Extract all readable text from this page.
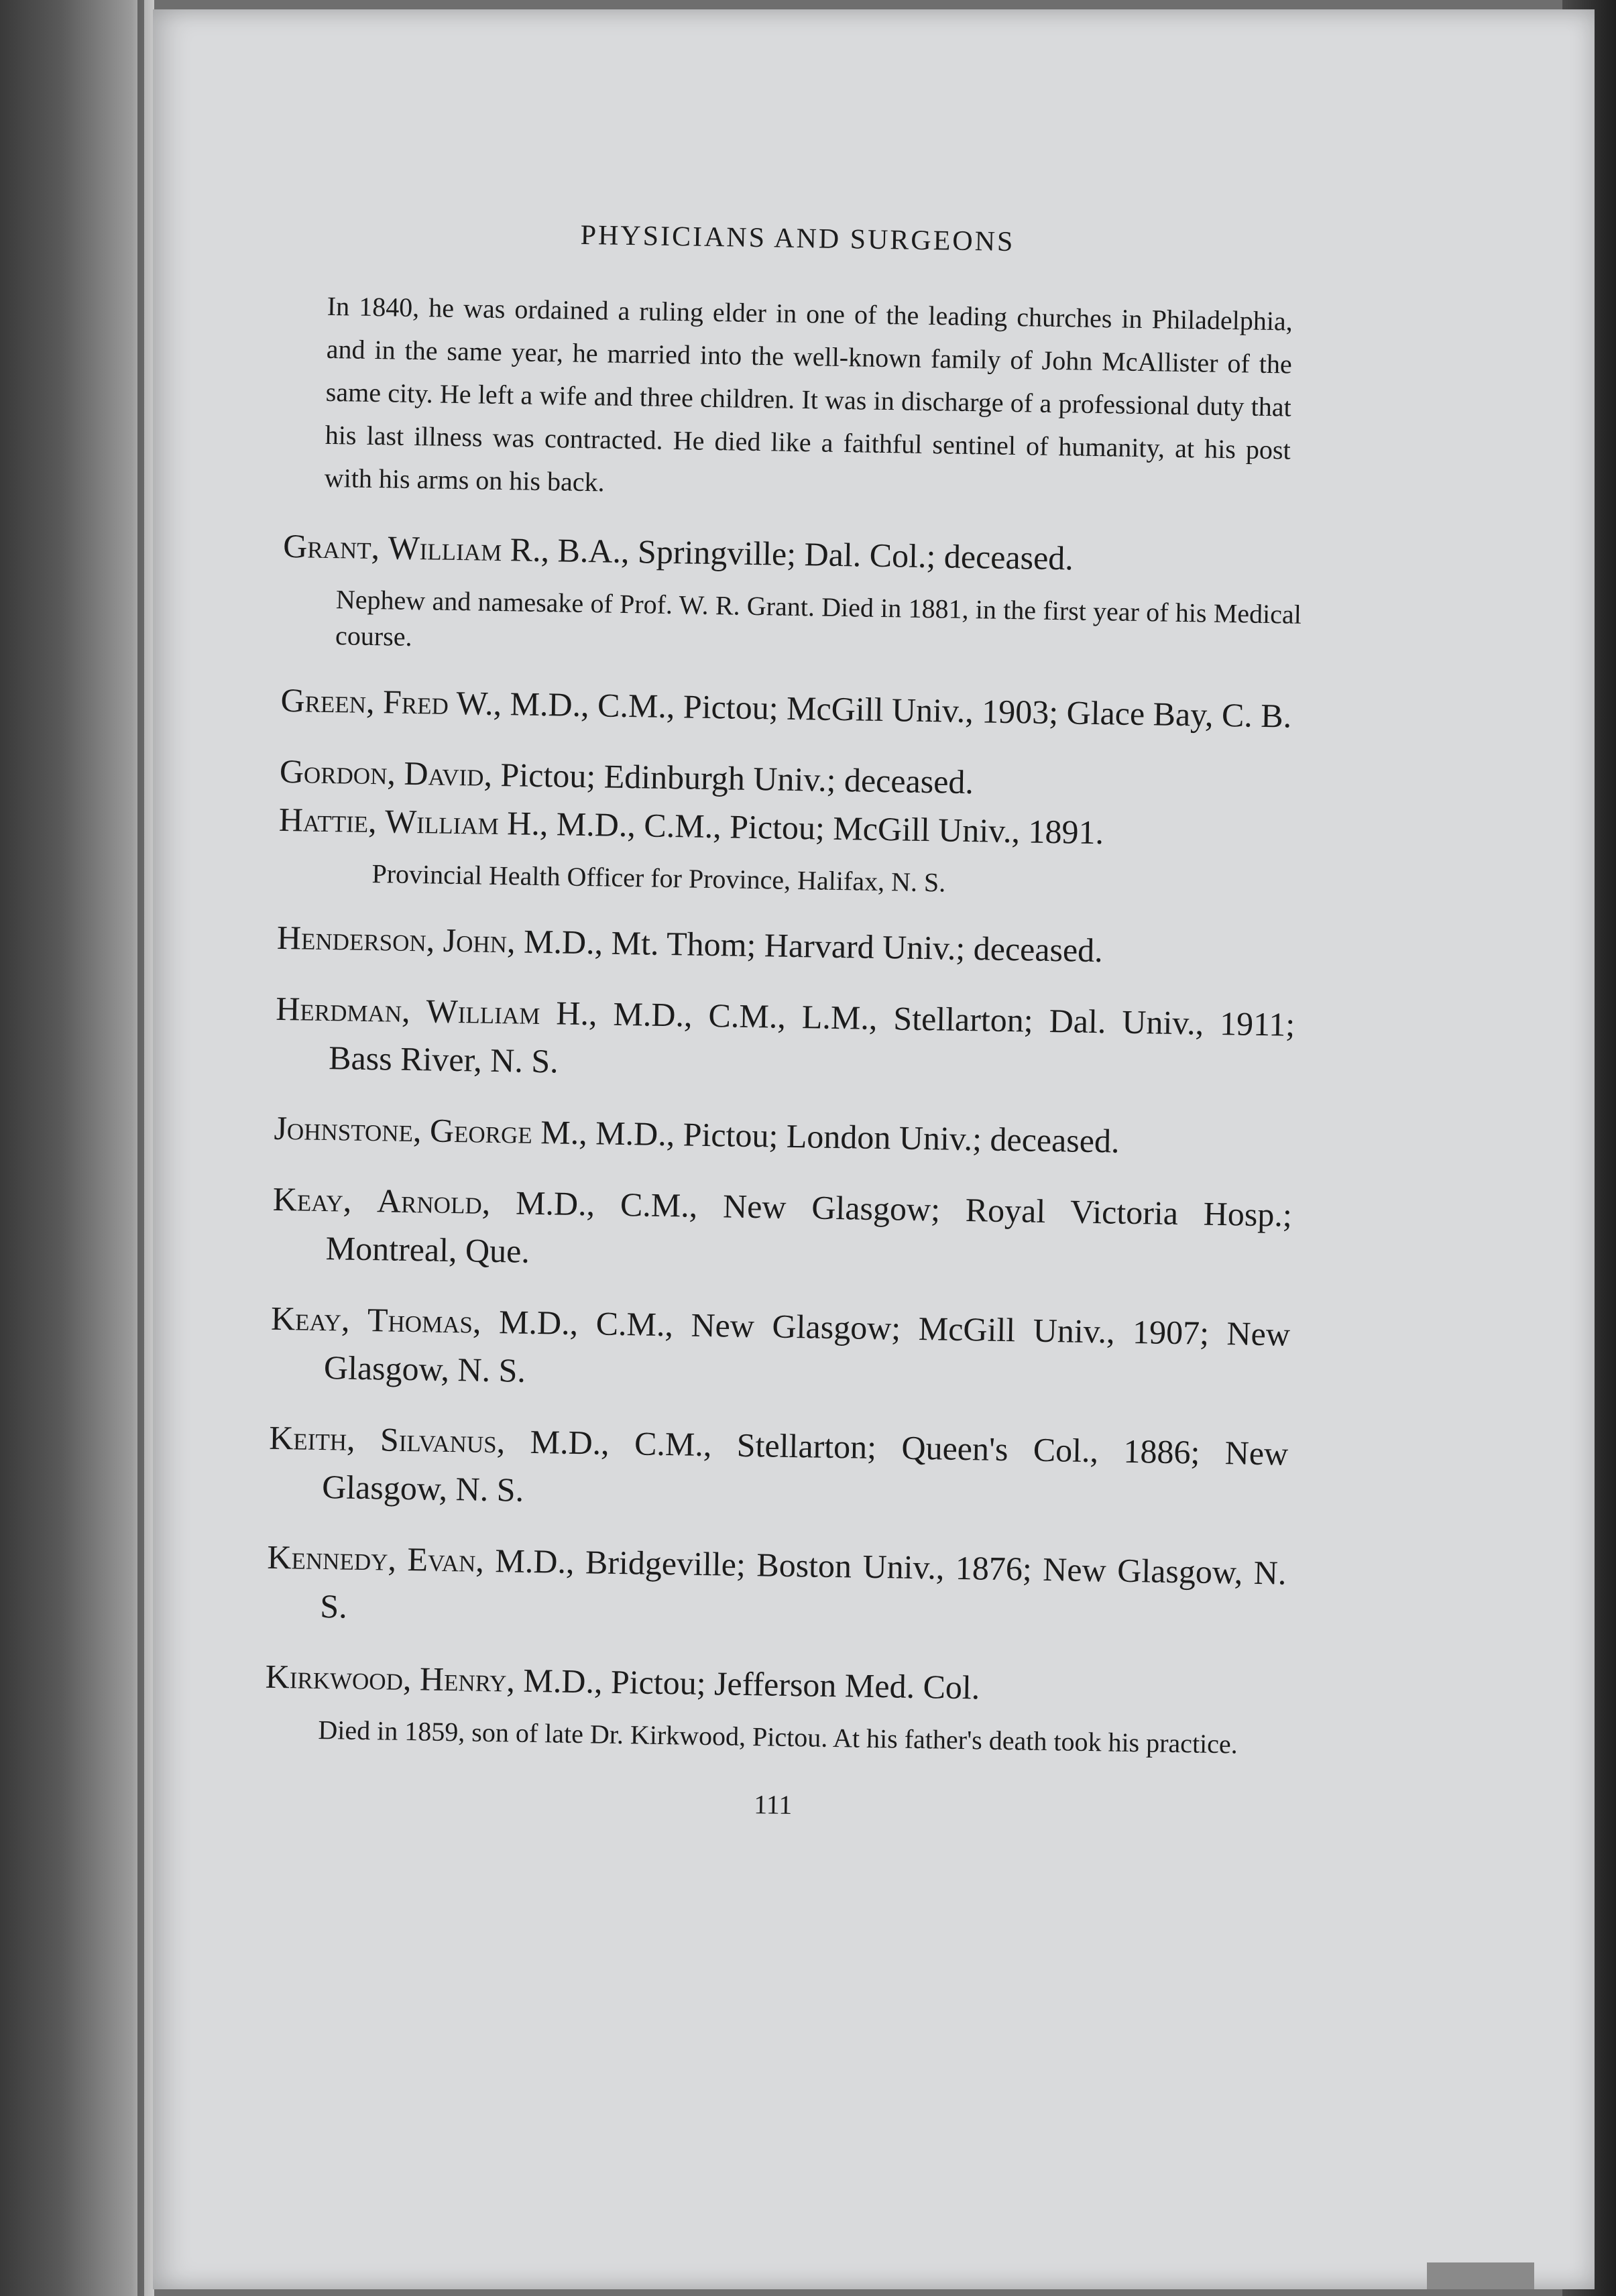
PHYSICIANS AND SURGEONS

In 1840, he was ordained a ruling elder in one of the leading churches in Philadelphia, and in the same year, he married into the well-known family of John McAllister of the same city. He left a wife and three children. It was in discharge of a professional duty that his last illness was contracted. He died like a faithful sentinel of humanity, at his post with his arms on his back.

Grant, William R., B.A., Springville; Dal. Col.; deceased.

Nephew and namesake of Prof. W. R. Grant. Died in 1881, in the first year of his Medical course.

Green, Fred W., M.D., C.M., Pictou; McGill Univ., 1903; Glace Bay, C. B.

Gordon, David, Pictou; Edinburgh Univ.; deceased.

Hattie, William H., M.D., C.M., Pictou; McGill Univ., 1891.

Provincial Health Officer for Province, Halifax, N. S.

Henderson, John, M.D., Mt. Thom; Harvard Univ.; deceased.

Herdman, William H., M.D., C.M., L.M., Stellarton; Dal. Univ., 1911; Bass River, N. S.

Johnstone, George M., M.D., Pictou; London Univ.; deceased.

Keay, Arnold, M.D., C.M., New Glasgow; Royal Victoria Hosp.; Montreal, Que.

Keay, Thomas, M.D., C.M., New Glasgow; McGill Univ., 1907; New Glasgow, N. S.

Keith, Silvanus, M.D., C.M., Stellarton; Queen's Col., 1886; New Glasgow, N. S.

Kennedy, Evan, M.D., Bridgeville; Boston Univ., 1876; New Glasgow, N. S.

Kirkwood, Henry, M.D., Pictou; Jefferson Med. Col.

Died in 1859, son of late Dr. Kirkwood, Pictou. At his father's death took his practice.

111
